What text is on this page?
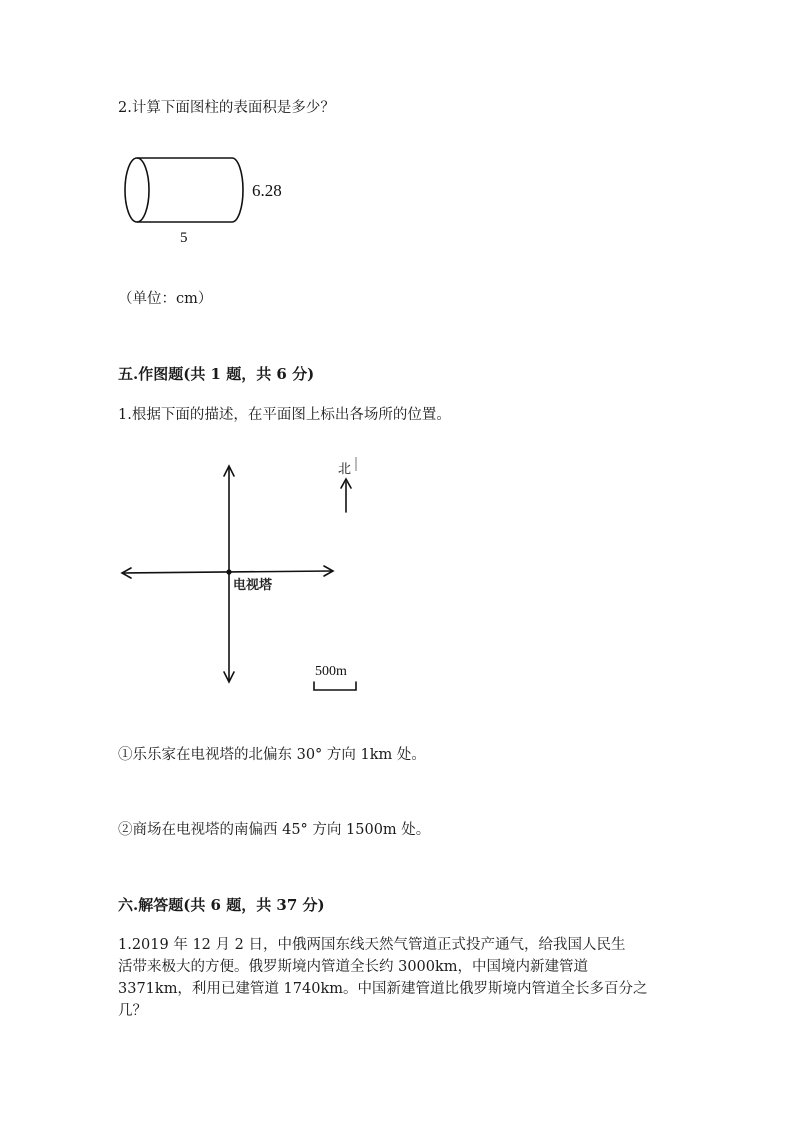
2.计算下面图柱的表面积是多少？
6.28
5
（单位：cm）
五.作图题(共 1 题，共 6 分)
1.根据下面的描述，在平面图上标出各场所的位置。
北
电视塔
500m
①乐乐家在电视塔的北偏东 30° 方向 1km 处。
②商场在电视塔的南偏西 45° 方向 1500m 处。
六.解答题(共 6 题，共 37 分)
1.2019 年 12 月 2 日，中俄两国东线天然气管道正式投产通气，给我国人民生
活带来极大的方便。俄罗斯境内管道全长约 3000km，中国境内新建管道
3371km，利用已建管道 1740km。中国新建管道比俄罗斯境内管道全长多百分之
几？
